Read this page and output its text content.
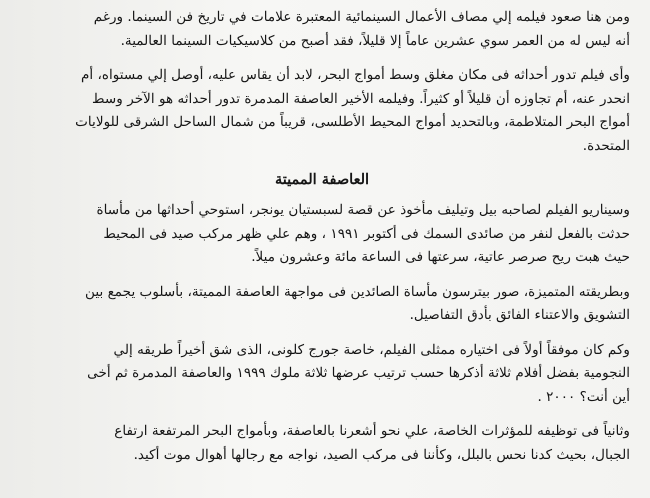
ومن هنا صعود فيلمه إلي مصاف الأعمال السينمائية المعتبرة علامات في تاريخ فن السينما. ورغم
أنه ليس له من العمر سوي عشرين عاماً إلا قليلاً، فقد أصبح من كلاسيكيات السينما العالمية.

وأى فيلم تدور أحداثه فى مكان مغلق وسط أمواج البحر، لابد أن يقاس عليه، أوصل إلي مستواه، أم
انحدر عنه، أم تجاوزه أن قليلاً أو كثيراً. وفيلمه الأخير العاصفة المدمرة تدور أحداثه هو الآخر وسط
أمواج البحر المتلاطمة، وبالتحديد أمواج المحيط الأطلسى، قريباً من شمال الساحل الشرقى للولايات
المتحدة.

العاصفة المميتة

وسيناريو الفيلم لصاحبه بيل وتيليف مأخوذ عن قصة لسبستيان يونجر، استوحي أحداثها من مأساة
حدثت بالفعل لنفر من صائدى السمك فى أكتوبر ١٩٩١ ، وهم علي ظهر مركب صيد فى المحيط
حيث هبت ريح صرصر عاتية، سرعتها فى الساعة مائة وعشرون ميلاً.

وبطريقته المتميزة، صور بيترسون مأساة الصائدين فى مواجهة العاصفة المميتة، بأسلوب يجمع بين
التشويق والاعتناء الفائق بأدق التفاصيل.

وكم كان موفقاً أولاً فى اختياره ممثلى الفيلم، خاصة جورج كلونى، الذى شق أخيراً طريقه إلي
النجومية بفضل أفلام ثلاثة أذكرها حسب ترتيب عرضها ثلاثة ملوك ١٩٩٩ والعاصفة المدمرة ثم أخى
أين أنت؟ ٢٠٠٠ .

وثانياً فى توظيفه للمؤثرات الخاصة، علي نحو أشعرنا بالعاصفة، وبأمواج البحر المرتفعة ارتفاع
الجبال، بحيث كدنا نحس بالبلل، وكأننا فى مركب الصيد، نواجه مع رجالها أهوال موت أكيد.
